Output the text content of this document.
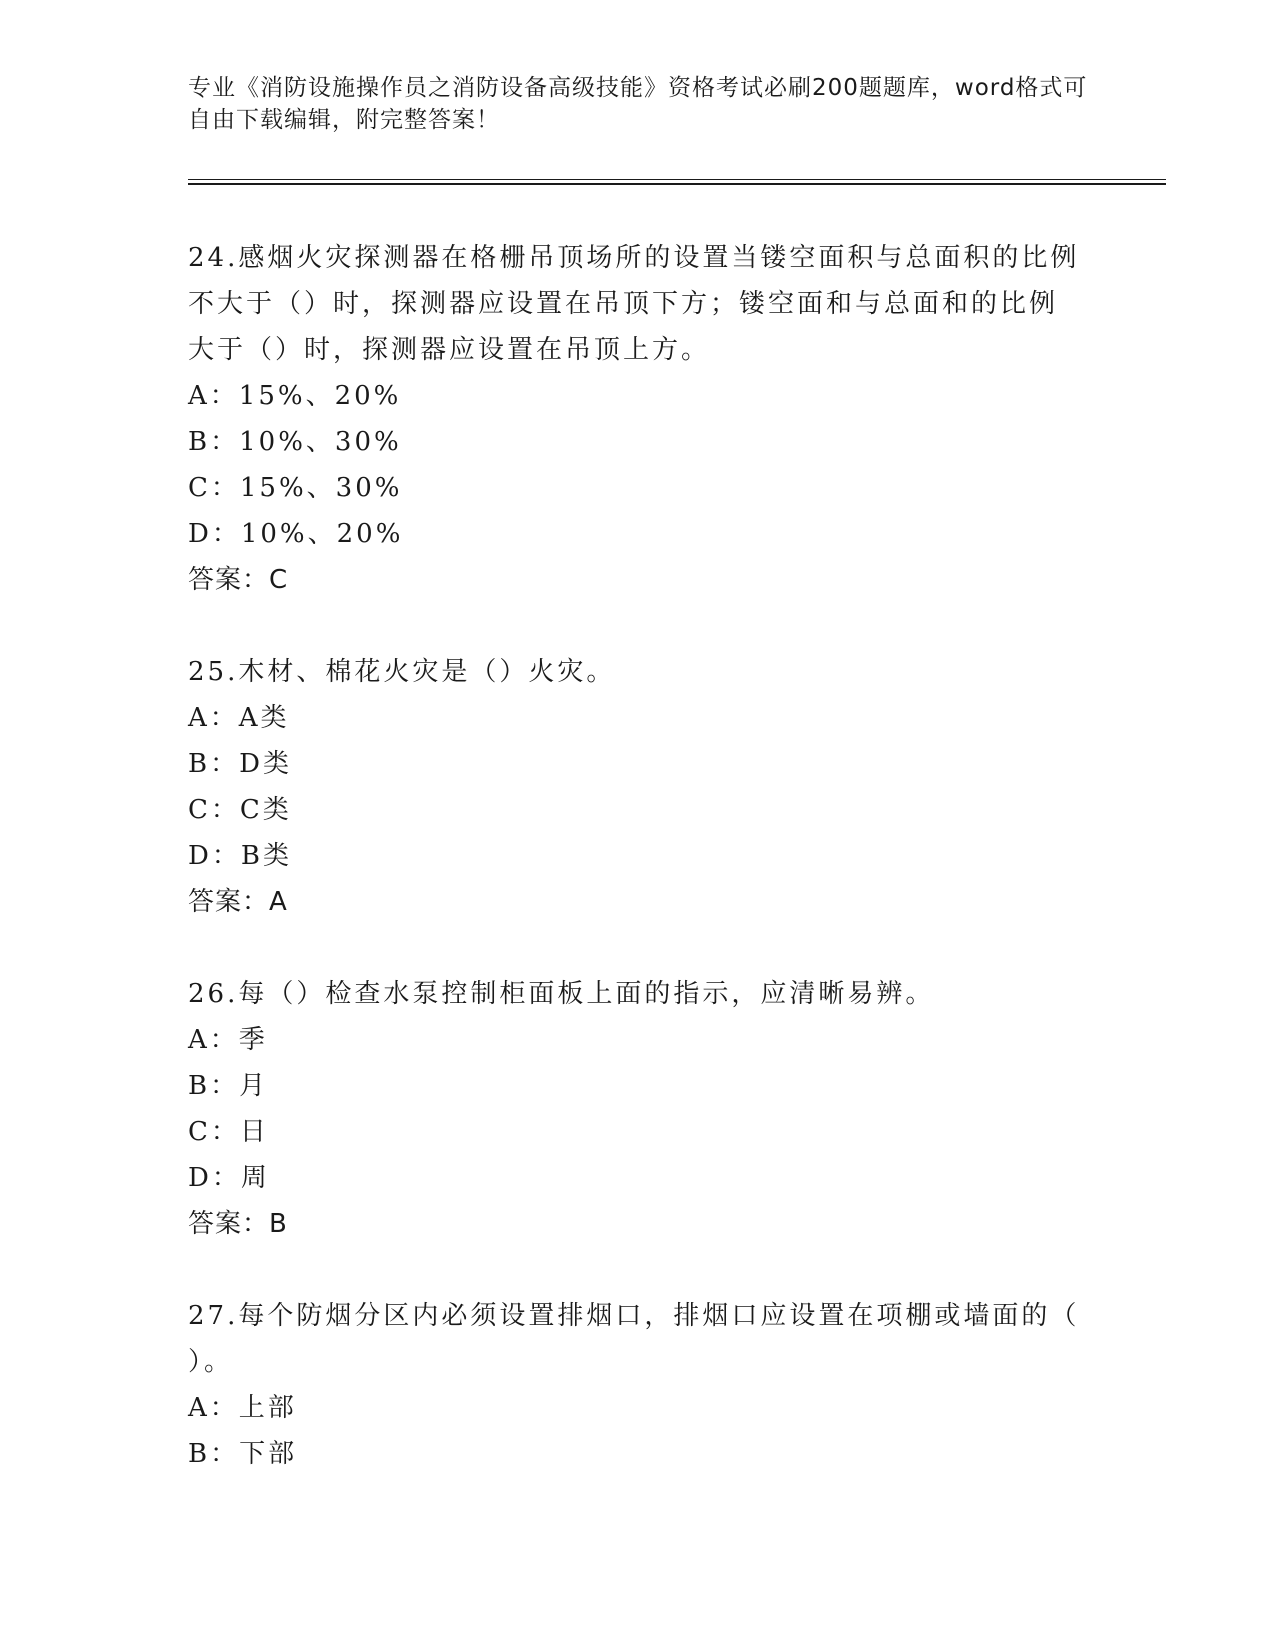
专业《消防设施操作员之消防设备高级技能》资格考试必刷200题题库，word格式可自由下载编辑，附完整答案！

24.感烟火灾探测器在格栅吊顶场所的设置当镂空面积与总面积的比例

不大于（）时，探测器应设置在吊顶下方；镂空面和与总面和的比例

大于（）时，探测器应设置在吊顶上方。

A：15%、20%

B：10%、30%

C：15%、30%

D：10%、20%

答案：C

25.木材、棉花火灾是（）火灾。

A：A类

B：D类

C：C类

D：B类

答案：A

26.每（）检查水泵控制柜面板上面的指示，应清晰易辨。

A：季

B：月

C：日

D：周

答案：B

27.每个防烟分区内必须设置排烟口，排烟口应设置在项棚或墙面的（

）。

A：上部

B：下部
